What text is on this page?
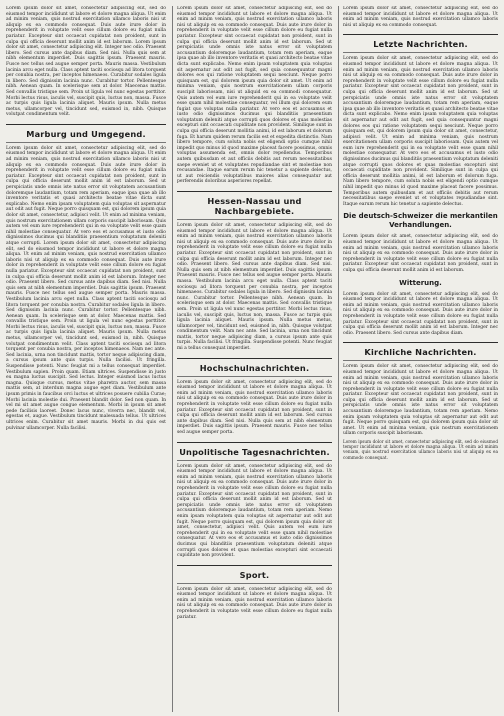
Lorem ipsum dolor sit amet, consectetur adipiscing elit, sed do eiusmod tempor incididunt ut labore et dolore magna aliqua. Ut enim ad minim veniam, quis nostrud exercitation ullamco laboris nisi ut aliquip ex ea commodo consequat. Duis aute irure dolor in reprehenderit in voluptate velit esse cillum dolore eu fugiat nulla pariatur. Excepteur sint occaecat cupidatat non proident, sunt in culpa qui officia deserunt mollit anim id est laborum. Lorem ipsum dolor sit amet, consectetur adipiscing elit. Integer nec odio. Praesent libero. Sed cursus ante dapibus diam. Sed nisi. Nulla quis sem at nibh elementum imperdiet. Duis sagittis ipsum. Praesent mauris. Fusce nec tellus sed augue semper porta. Mauris massa. Vestibulum lacinia arcu eget nulla. Class aptent taciti sociosqu ad litora torquent per conubia nostra, per inceptos himenaeos. Curabitur sodales ligula in libero. Sed dignissim lacinia nunc. Curabitur tortor. Pellentesque nibh. Aenean quam. In scelerisque sem at dolor. Maecenas mattis. Sed convallis tristique sem. Proin ut ligula vel nunc egestas porttitor. Morbi lectus risus, iaculis vel, suscipit quis, luctus non, massa. Fusce ac turpis quis ligula lacinia aliquet. Mauris ipsum. Nulla metus metus, ullamcorper vel, tincidunt sed, euismod in, nibh. Quisque volutpat condimentum velit.
Marburg und Umgegend.
Lorem ipsum dolor sit amet, consectetur adipiscing elit, sed do eiusmod tempor incididunt ut labore et dolore magna aliqua. Ut enim ad minim veniam, quis nostrud exercitation ullamco laboris nisi ut aliquip ex ea commodo consequat. Duis aute irure dolor in reprehenderit in voluptate velit esse cillum dolore eu fugiat nulla pariatur. Excepteur sint occaecat cupidatat non proident, sunt in culpa qui officia deserunt mollit anim id est laborum. Sed ut perspiciatis unde omnis iste natus error sit voluptatem accusantium doloremque laudantium, totam rem aperiam, eaque ipsa quae ab illo inventore veritatis et quasi architecto beatae vitae dicta sunt explicabo. Nemo enim ipsam voluptatem quia voluptas sit aspernatur aut odit aut fugit. Neque porro quisquam est, qui dolorem ipsum quia dolor sit amet, consectetur, adipisci velit. Ut enim ad minima veniam, quis nostrum exercitationem ullam corporis suscipit laboriosam. Quis autem vel eum iure reprehenderit qui in ea voluptate velit esse quam nihil molestiae consequatur. At vero eos et accusamus et iusto odio dignissimos ducimus qui blanditiis praesentium voluptatum deleniti atque corrupti. Lorem ipsum dolor sit amet, consectetur adipiscing elit, sed do eiusmod tempor incididunt ut labore et dolore magna aliqua. Ut enim ad minim veniam, quis nostrud exercitation ullamco laboris nisi ut aliquip ex ea commodo consequat. Duis aute irure dolor in reprehenderit in voluptate velit esse cillum dolore eu fugiat nulla pariatur. Excepteur sint occaecat cupidatat non proident, sunt in culpa qui officia deserunt mollit anim id est laborum. Integer nec odio. Praesent libero. Sed cursus ante dapibus diam. Sed nisi. Nulla quis sem at nibh elementum imperdiet. Duis sagittis ipsum. Praesent mauris. Fusce nec tellus sed augue semper porta. Mauris massa. Vestibulum lacinia arcu eget nulla. Class aptent taciti sociosqu ad litora torquent per conubia nostra. Curabitur sodales ligula in libero. Sed dignissim lacinia nunc. Curabitur tortor. Pellentesque nibh. Aenean quam. In scelerisque sem at dolor. Maecenas mattis. Sed convallis tristique sem. Proin ut ligula vel nunc egestas porttitor. Morbi lectus risus, iaculis vel, suscipit quis, luctus non, massa. Fusce ac turpis quis ligula lacinia aliquet. Mauris ipsum. Nulla metus metus, ullamcorper vel, tincidunt sed, euismod in, nibh. Quisque volutpat condimentum velit. Class aptent taciti sociosqu ad litora torquent per conubia nostra, per inceptos himenaeos. Nam nec ante. Sed lacinia, urna non tincidunt mattis, tortor neque adipiscing diam, a cursus ipsum ante quis turpis. Nulla facilisi. Ut fringilla. Suspendisse potenti. Nunc feugiat mi a tellus consequat imperdiet. Vestibulum sapien. Proin quam. Etiam ultrices. Suspendisse in justo eu magna luctus suscipit. Sed lectus. Integer euismod lacus luctus magna. Quisque cursus, metus vitae pharetra auctor, sem massa mattis sem, at interdum magna augue eget diam. Vestibulum ante ipsum primis in faucibus orci luctus et ultrices posuere cubilia Curae; Morbi lacinia molestie dui. Praesent blandit dolor. Sed non quam. In vel mi sit amet augue congue elementum. Morbi in ipsum sit amet pede facilisis laoreet. Donec lacus nunc, viverra nec, blandit vel, egestas et, augue. Vestibulum tincidunt malesuada tellus. Ut ultrices ultrices enim. Curabitur sit amet mauris. Morbi in dui quis est pulvinar ullamcorper. Nulla facilisi.
Lorem ipsum dolor sit amet, consectetur adipiscing elit, sed do eiusmod tempor incididunt ut labore et dolore magna aliqua. Ut enim ad minim veniam, quis nostrud exercitation ullamco laboris nisi ut aliquip ex ea commodo consequat. Duis aute irure dolor in reprehenderit in voluptate velit esse cillum dolore eu fugiat nulla pariatur. Excepteur sint occaecat cupidatat non proident, sunt in culpa qui officia deserunt mollit anim id est laborum. Sed ut perspiciatis unde omnis iste natus error sit voluptatem accusantium doloremque laudantium, totam rem aperiam, eaque ipsa quae ab illo inventore veritatis et quasi architecto beatae vitae dicta sunt explicabo. Nemo enim ipsam voluptatem quia voluptas sit aspernatur aut odit aut fugit, sed quia consequuntur magni dolores eos qui ratione voluptatem sequi nesciunt. Neque porro quisquam est, qui dolorem ipsum quia dolor sit amet. Ut enim ad minima veniam, quis nostrum exercitationem ullam corporis suscipit laboriosam, nisi ut aliquid ex ea commodi consequatur. Quis autem vel eum iure reprehenderit qui in ea voluptate velit esse quam nihil molestiae consequatur, vel illum qui dolorem eum fugiat quo voluptas nulla pariatur. At vero eos et accusamus et iusto odio dignissimos ducimus qui blanditiis praesentium voluptatum deleniti atque corrupti quos dolores et quas molestias excepturi sint occaecati cupiditate non provident. Similique sunt in culpa qui officia deserunt mollitia animi, id est laborum et dolorum fuga. Et harum quidem rerum facilis est et expedita distinctio. Nam libero tempore, cum soluta nobis est eligendi optio cumque nihil impedit quo minus id quod maxime placeat facere possimus, omnis voluptas assumenda est, omnis dolor repellendus. Temporibus autem quibusdam et aut officiis debitis aut rerum necessitatibus saepe eveniet ut et voluptates repudiandae sint et molestiae non recusandae. Itaque earum rerum hic tenetur a sapiente delectus, ut aut reiciendis voluptatibus maiores alias consequatur aut perferendis doloribus asperiores repellat.
Hessen-Nassau und Nachbargebiete.
Lorem ipsum dolor sit amet, consectetur adipiscing elit, sed do eiusmod tempor incididunt ut labore et dolore magna aliqua. Ut enim ad minim veniam, quis nostrud exercitation ullamco laboris nisi ut aliquip ex ea commodo consequat. Duis aute irure dolor in reprehenderit in voluptate velit esse cillum dolore eu fugiat nulla pariatur. Excepteur sint occaecat cupidatat non proident, sunt in culpa qui officia deserunt mollit anim id est laborum. Integer nec odio. Praesent libero. Sed cursus ante dapibus diam. Sed nisi. Nulla quis sem at nibh elementum imperdiet. Duis sagittis ipsum. Praesent mauris. Fusce nec tellus sed augue semper porta. Mauris massa. Vestibulum lacinia arcu eget nulla. Class aptent taciti sociosqu ad litora torquent per conubia nostra, per inceptos himenaeos. Curabitur sodales ligula in libero. Sed dignissim lacinia nunc. Curabitur tortor. Pellentesque nibh. Aenean quam. In scelerisque sem at dolor. Maecenas mattis. Sed convallis tristique sem. Proin ut ligula vel nunc egestas porttitor. Morbi lectus risus, iaculis vel, suscipit quis, luctus non, massa. Fusce ac turpis quis ligula lacinia aliquet. Mauris ipsum. Nulla metus metus, ullamcorper vel, tincidunt sed, euismod in, nibh. Quisque volutpat condimentum velit. Nam nec ante. Sed lacinia, urna non tincidunt mattis, tortor neque adipiscing diam, a cursus ipsum ante quis turpis. Nulla facilisi. Ut fringilla. Suspendisse potenti. Nunc feugiat mi a tellus consequat imperdiet.
Hochschulnachrichten.
Lorem ipsum dolor sit amet, consectetur adipiscing elit, sed do eiusmod tempor incididunt ut labore et dolore magna aliqua. Ut enim ad minim veniam, quis nostrud exercitation ullamco laboris nisi ut aliquip ex ea commodo consequat. Duis aute irure dolor in reprehenderit in voluptate velit esse cillum dolore eu fugiat nulla pariatur. Excepteur sint occaecat cupidatat non proident, sunt in culpa qui officia deserunt mollit anim id est laborum. Sed cursus ante dapibus diam. Sed nisi. Nulla quis sem at nibh elementum imperdiet. Duis sagittis ipsum. Praesent mauris. Fusce nec tellus sed augue semper porta.
Unpolitische Tagesnachrichten.
Lorem ipsum dolor sit amet, consectetur adipiscing elit, sed do eiusmod tempor incididunt ut labore et dolore magna aliqua. Ut enim ad minim veniam, quis nostrud exercitation ullamco laboris nisi ut aliquip ex ea commodo consequat. Duis aute irure dolor in reprehenderit in voluptate velit esse cillum dolore eu fugiat nulla pariatur. Excepteur sint occaecat cupidatat non proident, sunt in culpa qui officia deserunt mollit anim id est laborum. Sed ut perspiciatis unde omnis iste natus error sit voluptatem accusantium doloremque laudantium, totam rem aperiam. Nemo enim ipsam voluptatem quia voluptas sit aspernatur aut odit aut fugit. Neque porro quisquam est, qui dolorem ipsum quia dolor sit amet, consectetur, adipisci velit. Quis autem vel eum iure reprehenderit qui in ea voluptate velit esse quam nihil molestiae consequatur. At vero eos et accusamus et iusto odio dignissimos ducimus qui blanditiis praesentium voluptatum deleniti atque corrupti quos dolores et quas molestias excepturi sint occaecati cupiditate non provident.
Sport.
Lorem ipsum dolor sit amet, consectetur adipiscing elit, sed do eiusmod tempor incididunt ut labore et dolore magna aliqua. Ut enim ad minim veniam, quis nostrud exercitation ullamco laboris nisi ut aliquip ex ea commodo consequat. Duis aute irure dolor in reprehenderit in voluptate velit esse cillum dolore eu fugiat nulla pariatur.
Lorem ipsum dolor sit amet, consectetur adipiscing elit, sed do eiusmod tempor incididunt ut labore et dolore magna aliqua. Ut enim ad minim veniam, quis nostrud exercitation ullamco laboris nisi ut aliquip ex ea commodo consequat.
Letzte Nachrichten.
Lorem ipsum dolor sit amet, consectetur adipiscing elit, sed do eiusmod tempor incididunt ut labore et dolore magna aliqua. Ut enim ad minim veniam, quis nostrud exercitation ullamco laboris nisi ut aliquip ex ea commodo consequat. Duis aute irure dolor in reprehenderit in voluptate velit esse cillum dolore eu fugiat nulla pariatur. Excepteur sint occaecat cupidatat non proident, sunt in culpa qui officia deserunt mollit anim id est laborum. Sed ut perspiciatis unde omnis iste natus error sit voluptatem accusantium doloremque laudantium, totam rem aperiam, eaque ipsa quae ab illo inventore veritatis et quasi architecto beatae vitae dicta sunt explicabo. Nemo enim ipsam voluptatem quia voluptas sit aspernatur aut odit aut fugit, sed quia consequuntur magni dolores eos qui ratione voluptatem sequi nesciunt. Neque porro quisquam est, qui dolorem ipsum quia dolor sit amet, consectetur, adipisci velit. Ut enim ad minima veniam, quis nostrum exercitationem ullam corporis suscipit laboriosam. Quis autem vel eum iure reprehenderit qui in ea voluptate velit esse quam nihil molestiae consequatur. At vero eos et accusamus et iusto odio dignissimos ducimus qui blanditiis praesentium voluptatum deleniti atque corrupti quos dolores et quas molestias excepturi sint occaecati cupiditate non provident. Similique sunt in culpa qui officia deserunt mollitia animi, id est laborum et dolorum fuga. Nam libero tempore, cum soluta nobis est eligendi optio cumque nihil impedit quo minus id quod maxime placeat facere possimus. Temporibus autem quibusdam et aut officiis debitis aut rerum necessitatibus saepe eveniet ut et voluptates repudiandae sint. Itaque earum rerum hic tenetur a sapiente delectus.
Die deutsch-Schweizer die merkantilen Verhandlungen.
Lorem ipsum dolor sit amet, consectetur adipiscing elit, sed do eiusmod tempor incididunt ut labore et dolore magna aliqua. Ut enim ad minim veniam, quis nostrud exercitation ullamco laboris nisi ut aliquip ex ea commodo consequat. Duis aute irure dolor in reprehenderit in voluptate velit esse cillum dolore eu fugiat nulla pariatur. Excepteur sint occaecat cupidatat non proident, sunt in culpa qui officia deserunt mollit anim id est laborum.
Witterung.
Lorem ipsum dolor sit amet, consectetur adipiscing elit, sed do eiusmod tempor incididunt ut labore et dolore magna aliqua. Ut enim ad minim veniam, quis nostrud exercitation ullamco laboris nisi ut aliquip ex ea commodo consequat. Duis aute irure dolor in reprehenderit in voluptate velit esse cillum dolore eu fugiat nulla pariatur. Excepteur sint occaecat cupidatat non proident, sunt in culpa qui officia deserunt mollit anim id est laborum. Integer nec odio. Praesent libero. Sed cursus ante dapibus diam.
Kirchliche Nachrichten.
Lorem ipsum dolor sit amet, consectetur adipiscing elit, sed do eiusmod tempor incididunt ut labore et dolore magna aliqua. Ut enim ad minim veniam, quis nostrud exercitation ullamco laboris nisi ut aliquip ex ea commodo consequat. Duis aute irure dolor in reprehenderit in voluptate velit esse cillum dolore eu fugiat nulla pariatur. Excepteur sint occaecat cupidatat non proident, sunt in culpa qui officia deserunt mollit anim id est laborum. Sed ut perspiciatis unde omnis iste natus error sit voluptatem accusantium doloremque laudantium, totam rem aperiam. Nemo enim ipsam voluptatem quia voluptas sit aspernatur aut odit aut fugit. Neque porro quisquam est, qui dolorem ipsum quia dolor sit amet. Ut enim ad minima veniam, quis nostrum exercitationem ullam corporis suscipit laboriosam.
Lorem ipsum dolor sit amet, consectetur adipiscing elit, sed do eiusmod tempor incididunt ut labore et dolore magna aliqua. Ut enim ad minim veniam, quis nostrud exercitation ullamco laboris nisi ut aliquip ex ea commodo consequat.
